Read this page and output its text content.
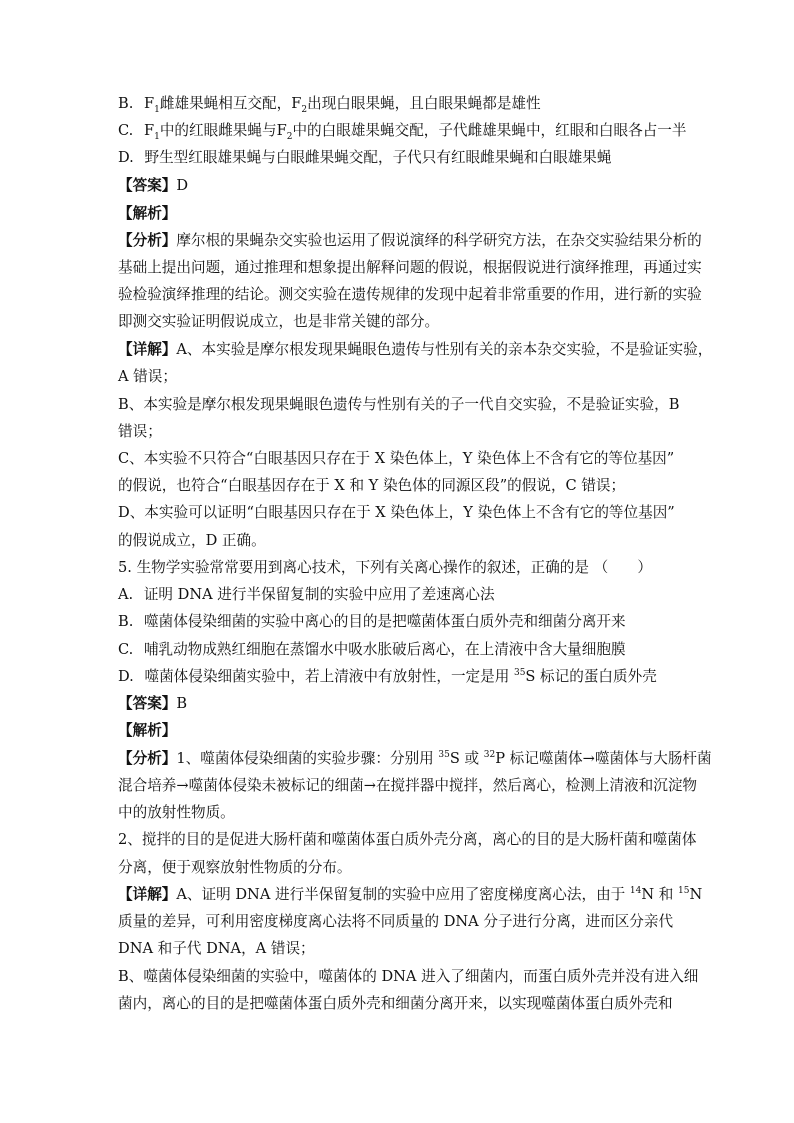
B. $F_1$雌雄果蝇相互交配，$F_2$出现白眼果蝇，且白眼果蝇都是雄性
C. $F_1$中的红眼雌果蝇与$F_2$中的白眼雄果蝇交配，子代雌雄果蝇中，红眼和白眼各占一半
D. 野生型红眼雄果蝇与白眼雌果蝇交配，子代只有红眼雌果蝇和白眼雄果蝇
【答案】D
【解析】
【分析】摩尔根的果蝇杂交实验也运用了假说演绎的科学研究方法，在杂交实验结果分析的
基础上提出问题，通过推理和想象提出解释问题的假说，根据假说进行演绎推理，再通过实
验检验演绎推理的结论。测交实验在遗传规律的发现中起着非常重要的作用，进行新的实验
即测交实验证明假说成立，也是非常关键的部分。
【详解】A、本实验是摩尔根发现果蝇眼色遗传与性别有关的亲本杂交实验，不是验证实验，
A 错误；
B、本实验是摩尔根发现果蝇眼色遗传与性别有关的子一代自交实验，不是验证实验，B
错误；
C、本实验不只符合“白眼基因只存在于 X 染色体上，Y 染色体上不含有它的等位基因”
的假说，也符合“白眼基因存在于 X 和 Y 染色体的同源区段”的假说，C 错误；
D、本实验可以证明“白眼基因只存在于 X 染色体上，Y 染色体上不含有它的等位基因”
的假说成立，D 正确。
5. 生物学实验常常要用到离心技术，下列有关离心操作的叙述，正确的是 （　　）
A. 证明 DNA 进行半保留复制的实验中应用了差速离心法
B. 噬菌体侵染细菌的实验中离心的目的是把噬菌体蛋白质外壳和细菌分离开来
C. 哺乳动物成熟红细胞在蒸馏水中吸水胀破后离心，在上清液中含大量细胞膜
D. 噬菌体侵染细菌实验中，若上清液中有放射性，一定是用 $^{35}$S 标记的蛋白质外壳
【答案】B
【解析】
【分析】1、噬菌体侵染细菌的实验步骤：分别用 $^{35}$S 或 $^{32}$P 标记噬菌体→噬菌体与大肠杆菌
混合培养→噬菌体侵染未被标记的细菌→在搅拌器中搅拌，然后离心，检测上清液和沉淀物
中的放射性物质。
2、搅拌的目的是促进大肠杆菌和噬菌体蛋白质外壳分离，离心的目的是大肠杆菌和噬菌体
分离，便于观察放射性物质的分布。
【详解】A、证明 DNA 进行半保留复制的实验中应用了密度梯度离心法，由于 $^{14}$N 和 $^{15}$N
质量的差异，可利用密度梯度离心法将不同质量的 DNA 分子进行分离，进而区分亲代
DNA 和子代 DNA，A 错误；
B、噬菌体侵染细菌的实验中，噬菌体的 DNA 进入了细菌内，而蛋白质外壳并没有进入细
菌内，离心的目的是把噬菌体蛋白质外壳和细菌分离开来，以实现噬菌体蛋白质外壳和
